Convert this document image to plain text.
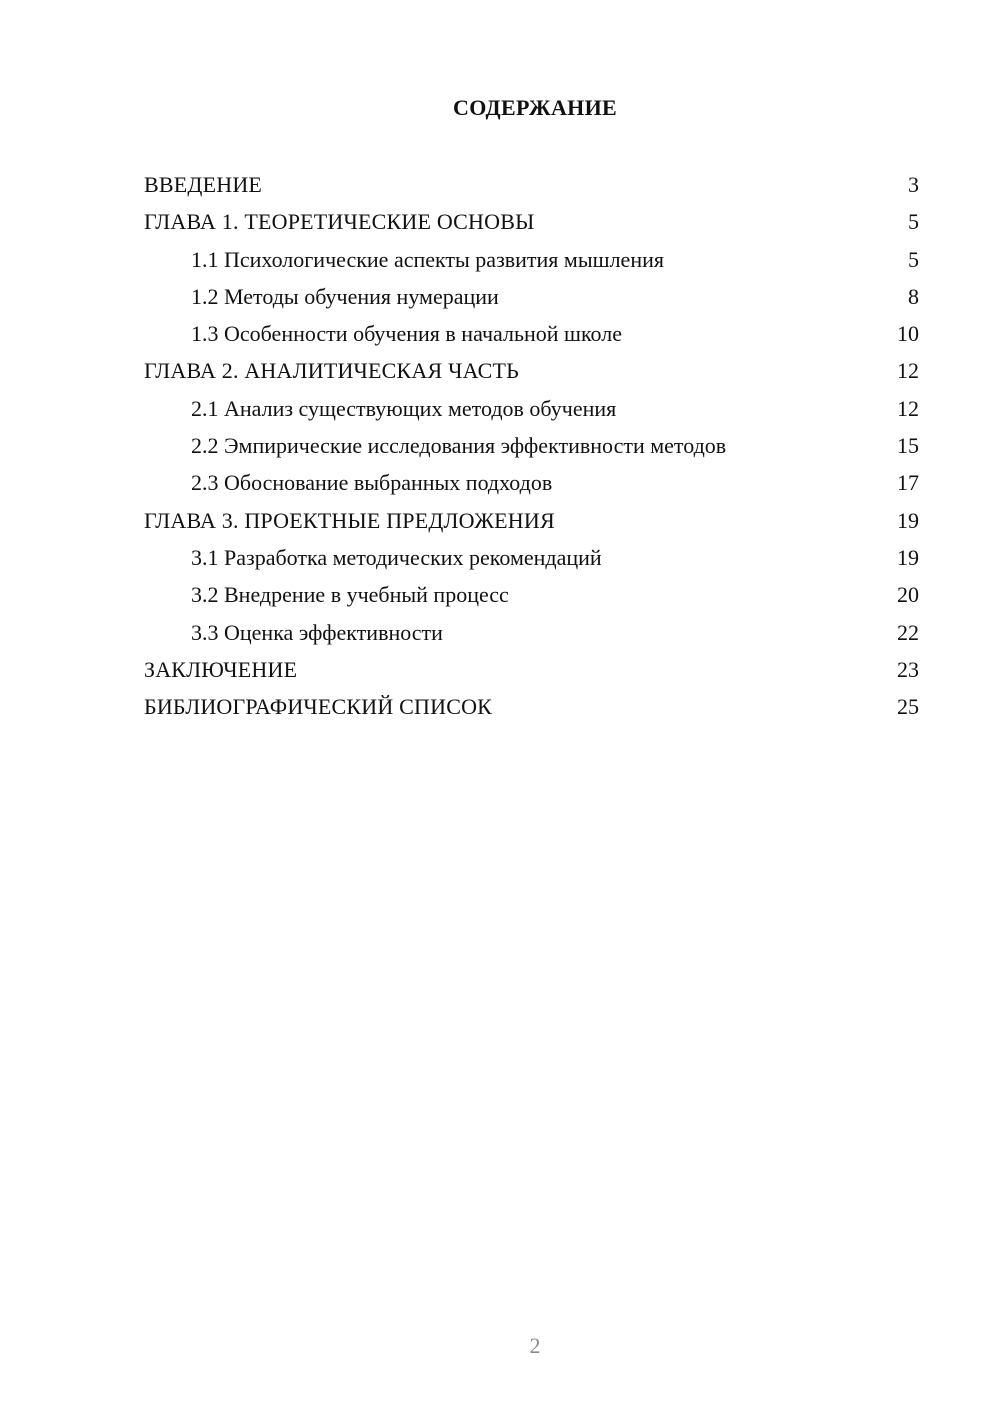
СОДЕРЖАНИЕ
ВВЕДЕНИЕ	3
ГЛАВА 1. ТЕОРЕТИЧЕСКИЕ ОСНОВЫ	5
1.1 Психологические аспекты развития мышления	5
1.2 Методы обучения нумерации	8
1.3 Особенности обучения в начальной школе	10
ГЛАВА 2. АНАЛИТИЧЕСКАЯ ЧАСТЬ	12
2.1 Анализ существующих методов обучения	12
2.2 Эмпирические исследования эффективности методов	15
2.3 Обоснование выбранных подходов	17
ГЛАВА 3. ПРОЕКТНЫЕ ПРЕДЛОЖЕНИЯ	19
3.1 Разработка методических рекомендаций	19
3.2 Внедрение в учебный процесс	20
3.3 Оценка эффективности	22
ЗАКЛЮЧЕНИЕ	23
БИБЛИОГРАФИЧЕСКИЙ СПИСОК	25
2
